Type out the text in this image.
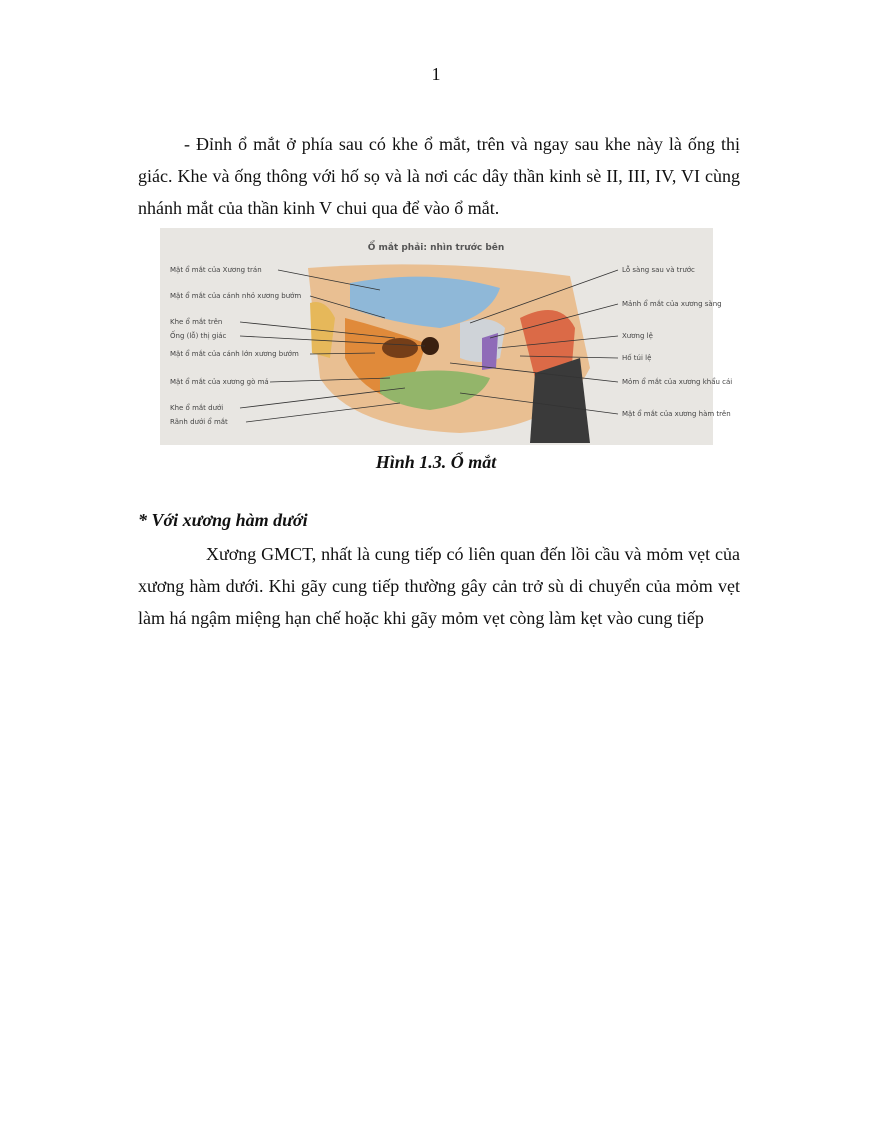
1
- Đỉnh ổ mắt ở phía sau có khe ổ mắt, trên và ngay sau khe này là ống thị giác. Khe và ống thông với hố sọ và là nơi các dây thần kinh sè II, III, IV, VI cùng nhánh mắt của thần kinh V chui qua để vào ổ mắt.
Ổ mắt phải: nhìn trước bên
Mặt ổ mắt của Xương trán
Mặt ổ mắt của cánh nhỏ xương bướm
Khe ổ mắt trên
Ống (lỗ) thị giác
Mặt ổ mắt của cánh lớn xương bướm
Mặt ổ mắt của xương gò má
Khe ổ mắt dưới
Rãnh dưới ổ mắt
Lỗ sàng sau và trước
Mảnh ổ mắt của xương sàng
Xương lệ
Hố túi lệ
Mỏm ổ mắt của xương khẩu cái
Mặt ổ mắt của xương hàm trên
Hình 1.3. Ổ mắt
* Với xương hàm dưới
Xương GMCT, nhất là cung tiếp có liên quan đến lồi cầu và mỏm vẹt của xương hàm dưới. Khi gãy cung tiếp thường gây cản trở sù di chuyển của mỏm vẹt làm há ngậm miệng hạn chế hoặc khi gãy mỏm vẹt còng làm kẹt vào cung tiếp
